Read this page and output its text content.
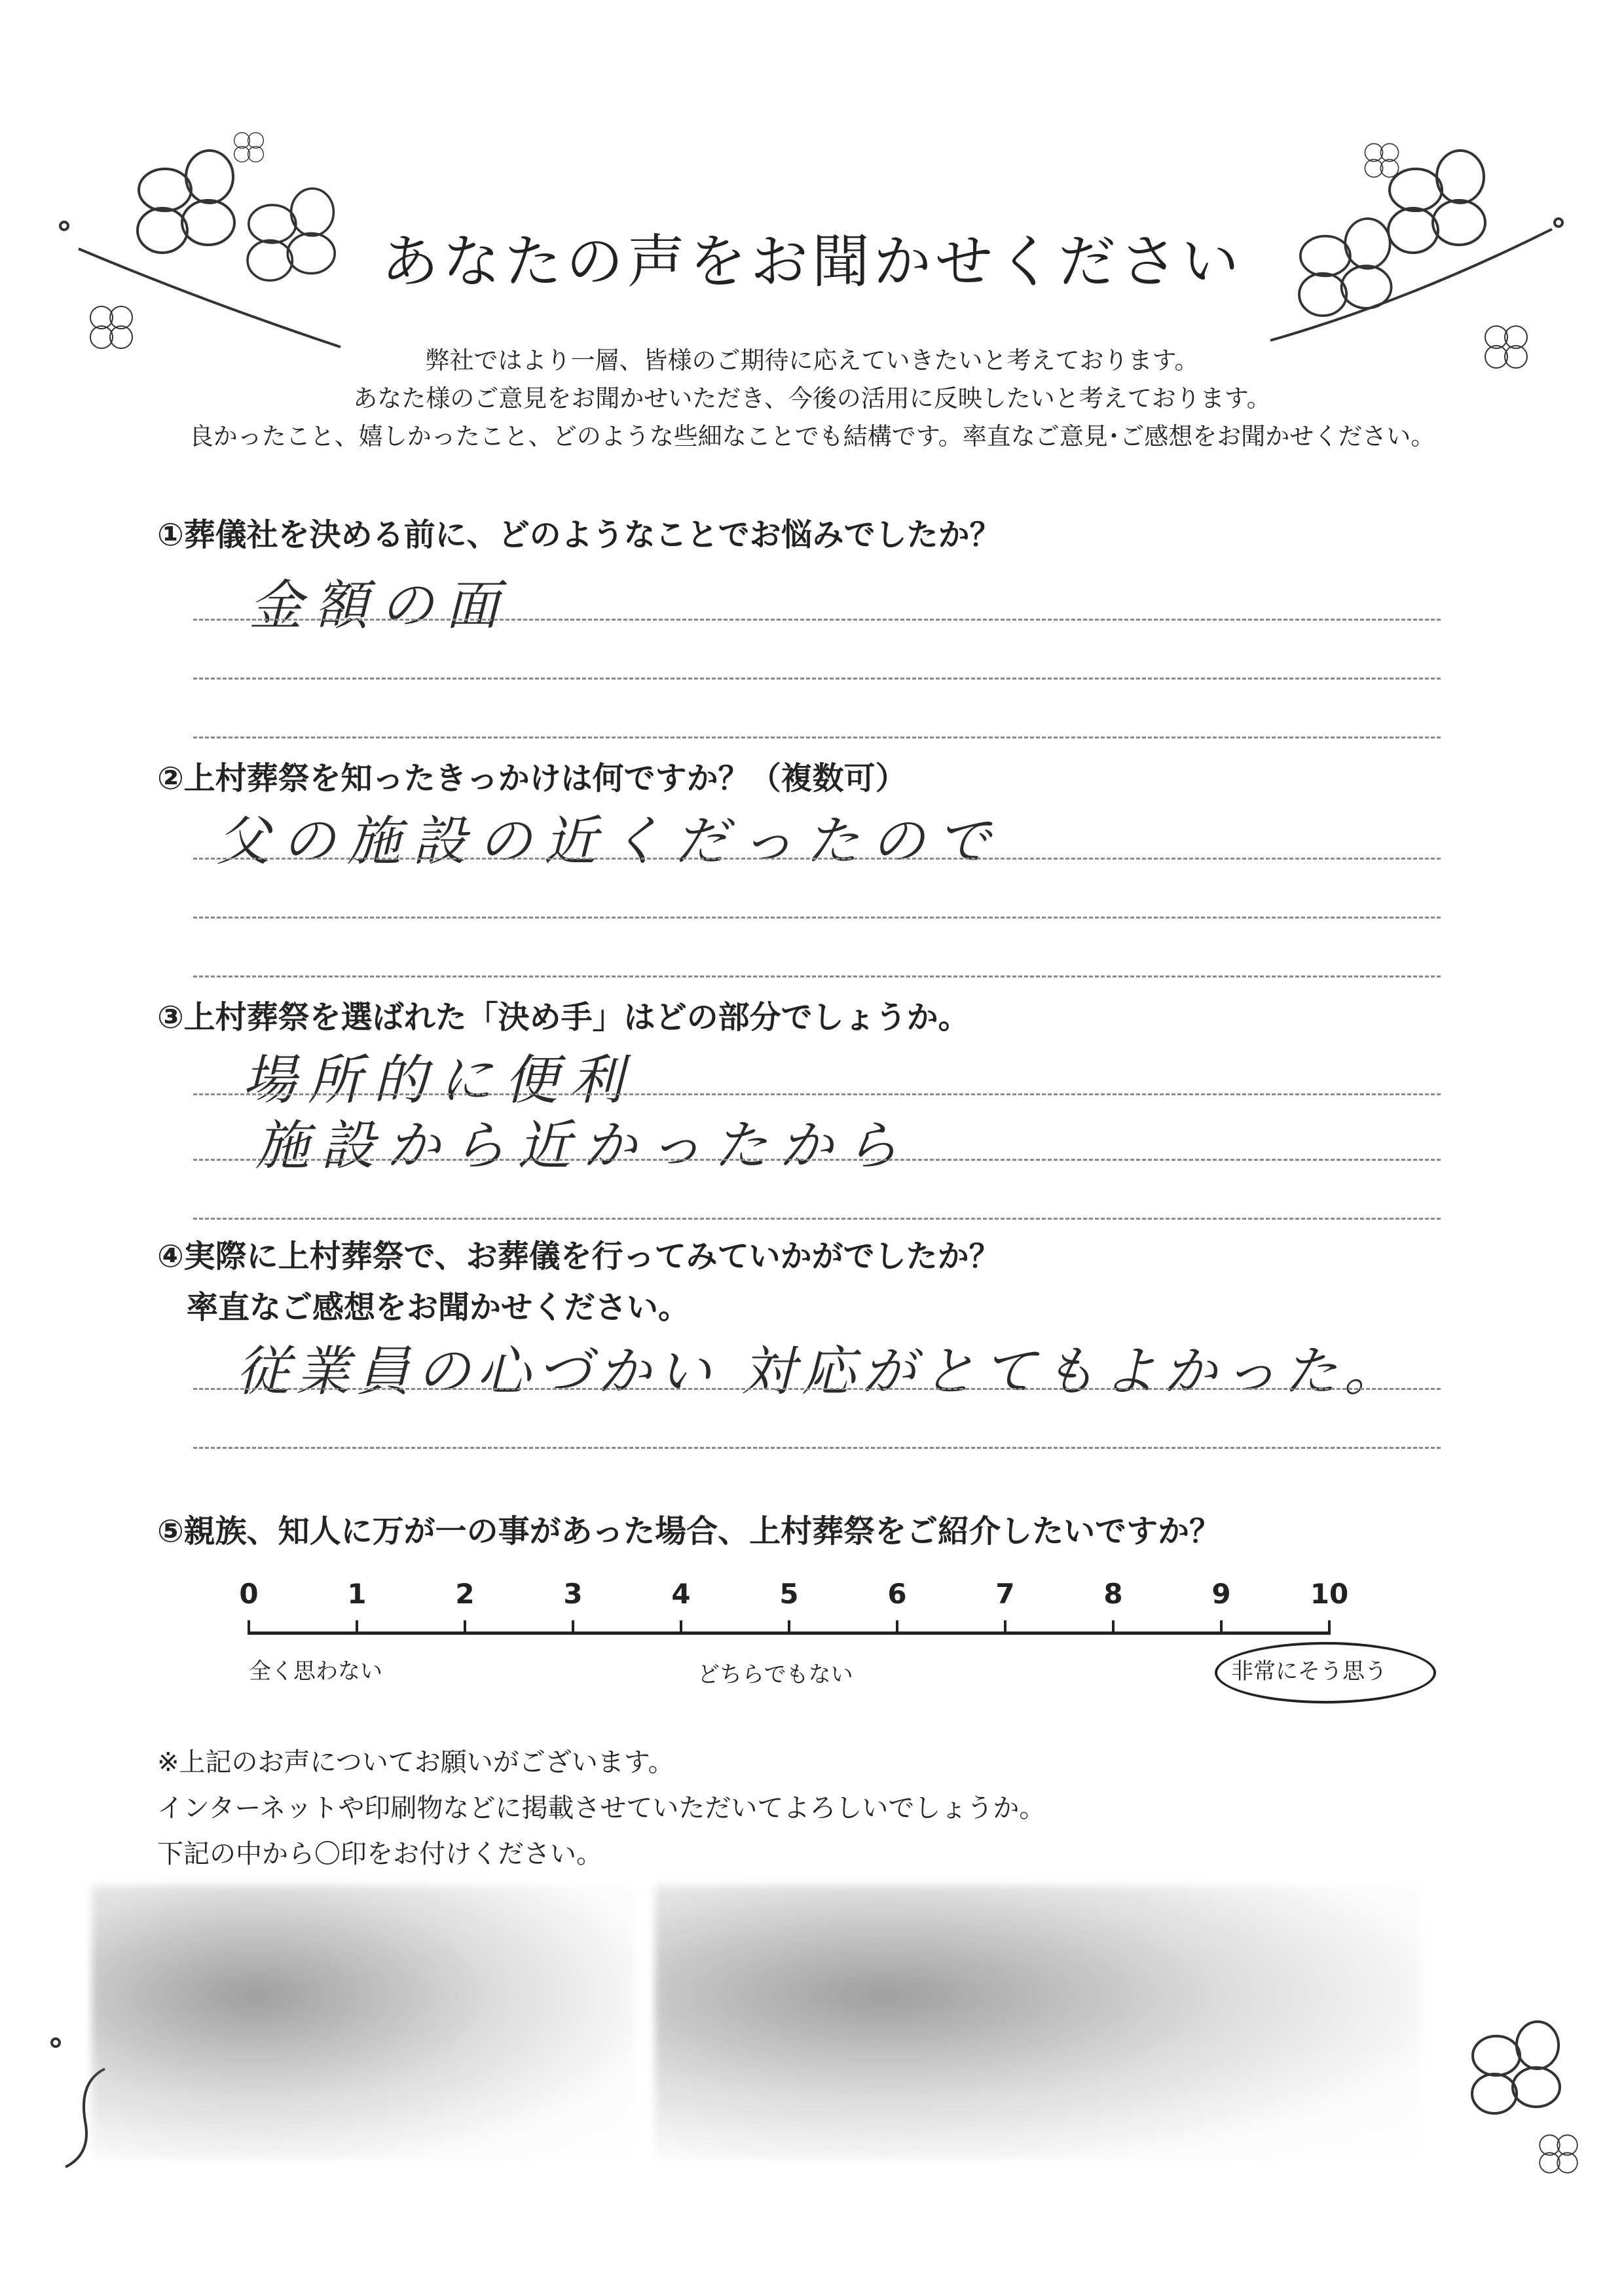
あなたの声をお聞かせください
弊社ではより一層、皆様のご期待に応えていきたいと考えております。
あなた様のご意見をお聞かせいただき、今後の活用に反映したいと考えております。
良かったこと、嬉しかったこと、どのような些細なことでも結構です。率直なご意見･ご感想をお聞かせください。
①葬儀社を決める前に、どのようなことでお悩みでしたか？
金額の面
②上村葬祭を知ったきっかけは何ですか？（複数可）
父の施設の近くだったので
③上村葬祭を選ばれた「決め手」はどの部分でしょうか。
場所的に便利
施設から近かったから
④実際に上村葬祭で、お葬儀を行ってみていかがでしたか？
率直なご感想をお聞かせください。
従業員の心づかい 対応がとてもよかった。
⑤親族、知人に万が一の事があった場合、上村葬祭をご紹介したいですか？
0	1	2	3	4	5	6	7	8	9	10
全く思わない	どちらでもない	非常にそう思う
※上記のお声についてお願いがございます。
インターネットや印刷物などに掲載させていただいてよろしいでしょうか。
下記の中から〇印をお付けください。
